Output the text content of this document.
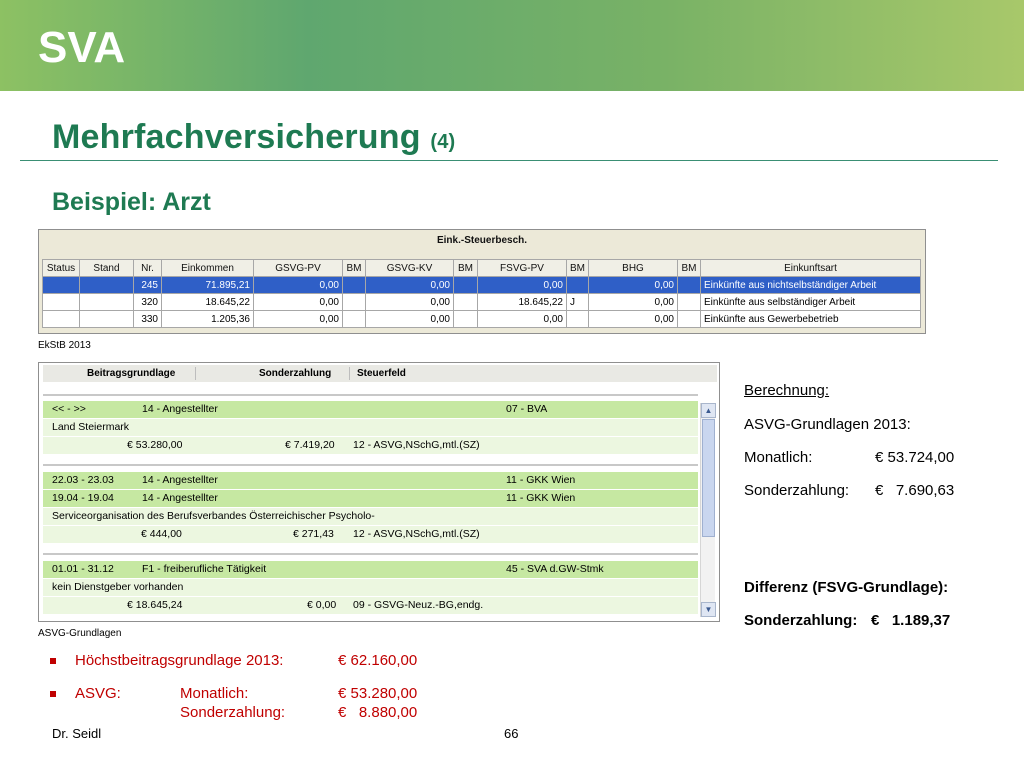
SVA
Mehrfachversicherung (4)
Beispiel: Arzt
Eink.-Steuerbesch.
Status	Stand	Nr.	Einkommen	GSVG-PV	BM	GSVG-KV	BM	FSVG-PV	BM	BHG	BM	Einkunftsart
		245	71.895,21	0,00		0,00		0,00		0,00		Einkünfte aus nichtselbständiger Arbeit
		320	18.645,22	0,00		0,00		18.645,22	J	0,00		Einkünfte aus selbständiger Arbeit
		330	1.205,36	0,00		0,00		0,00		0,00		Einkünfte aus Gewerbebetrieb
EkStB 2013
Beitragsgrundlage	Sonderzahlung	Steuerfeld
<< - >>	14 - Angestellter	07 - BVA
Land Steiermark
€ 53.280,00	€ 7.419,20 12 - ASVG,NSchG,mtl.(SZ)
22.03 - 23.03	14 - Angestellter	11 - GKK Wien
19.04 - 19.04	14 - Angestellter	11 - GKK Wien
Serviceorganisation des Berufsverbandes Österreichischer Psycholo-
€ 444,00	€ 271,43 12 - ASVG,NSchG,mtl.(SZ)
01.01 - 31.12	F1 - freiberufliche Tätigkeit	45 - SVA d.GW-Stmk
kein Dienstgeber vorhanden
€ 18.645,24	€ 0,00 09 - GSVG-Neuz.-BG,endg.
▲
▼
ASVG-Grundlagen
Berechnung:
ASVG-Grundlagen 2013:
Monatlich:	€ 53.724,00
Sonderzahlung: €   7.690,63
Differenz (FSVG-Grundlage):
Sonderzahlung: €   1.189,37
Höchstbeitragsgrundlage 2013:	€ 62.160,00
ASVG:	Monatlich:	€ 53.280,00
Sonderzahlung:	€   8.880,00
Dr. Seidl	66
